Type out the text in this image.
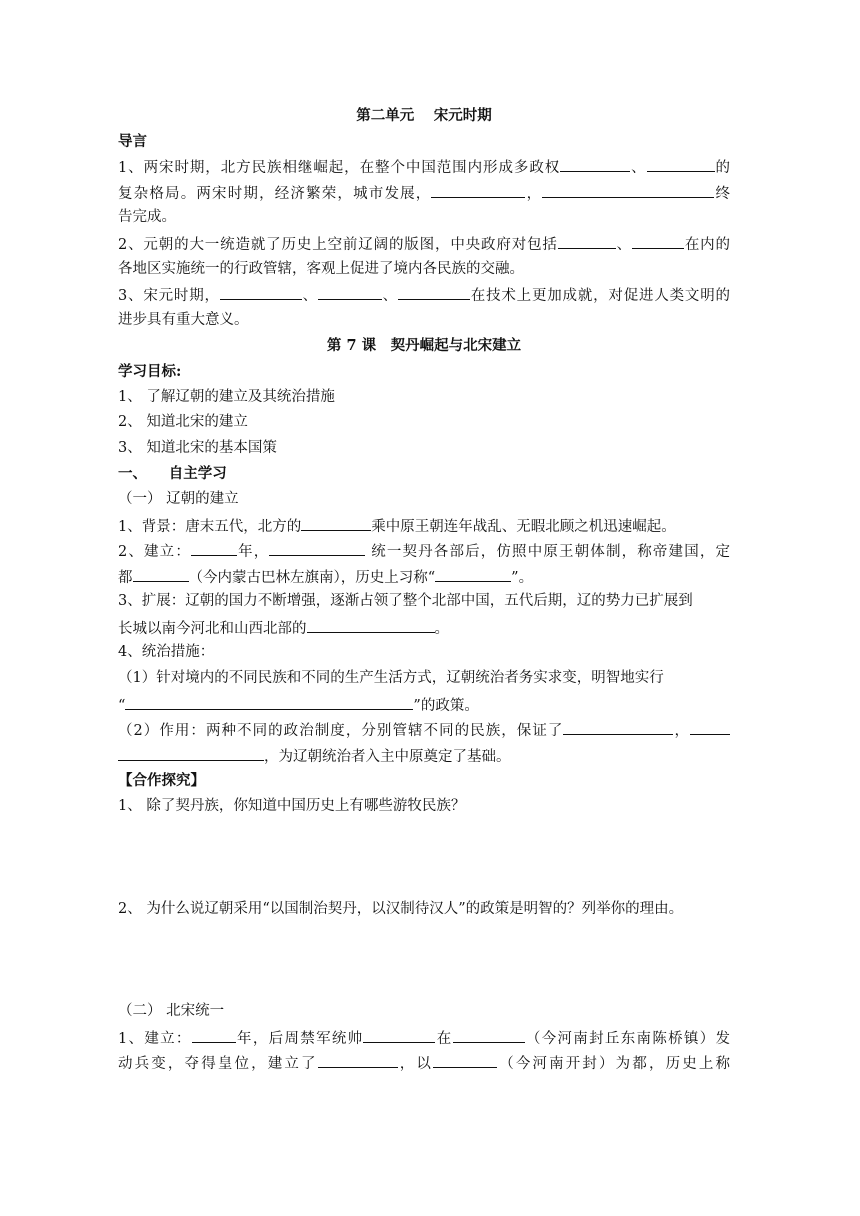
第二单元　 宋元时期
导言
1、两宋时期，北方民族相继崛起，在整个中国范围内形成多政权	、	的
复杂格局。两宋时期，经济繁荣，城市发展，	，	终
告完成。
2、元朝的大一统造就了历史上空前辽阔的版图，中央政府对包括	、	在内的
各地区实施统一的行政管辖，客观上促进了境内各民族的交融。
3、宋元时期，	、	、	在技术上更加成就，对促进人类文明的
进步具有重大意义。
第 7 课　契丹崛起与北宋建立
学习目标:
1、 了解辽朝的建立及其统治措施
2、 知道北宋的建立
3、 知道北宋的基本国策
一、　　自主学习
（一） 辽朝的建立
1、背景：唐末五代，北方的	乘中原王朝连年战乱、无暇北顾之机迅速崛起。
2、建立：	年，	统一契丹各部后，仿照中原王朝体制，称帝建国，定
都	（今内蒙古巴林左旗南），历史上习称“	”。
3、扩展：辽朝的国力不断增强，逐渐占领了整个北部中国，五代后期，辽的势力已扩展到
长城以南今河北和山西北部的	。
4、统治措施：
（1）针对境内的不同民族和不同的生产生活方式，辽朝统治者务实求变，明智地实行
“	”的政策。
（2）作用：两种不同的政治制度，分别管辖不同的民族，保证了	，
，为辽朝统治者入主中原奠定了基础。
【合作探究】
1、 除了契丹族，你知道中国历史上有哪些游牧民族？
2、 为什么说辽朝采用“以国制治契丹，以汉制待汉人”的政策是明智的？列举你的理由。
（二） 北宋统一
1、建立：	年，后周禁军统帅	在	（今河南封丘东南陈桥镇）发
动兵变，夺得皇位，建立了	，以	（今河南开封）为都，历史上称
